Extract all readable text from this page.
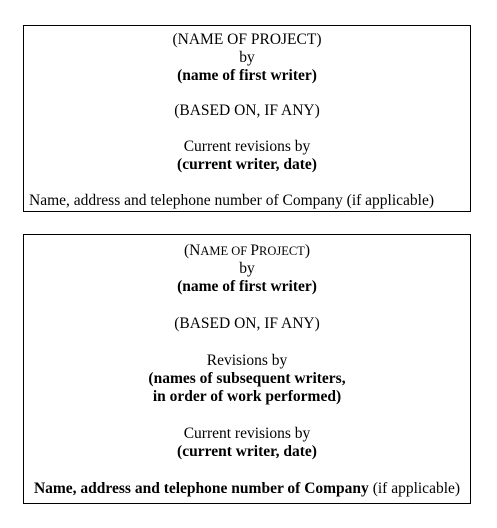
(NAME OF PROJECT)
by
(name of first writer)
(BASED ON, IF ANY)
Current revisions by
(current writer, date)
Name, address and telephone number of Company (if applicable)
(NAME OF PROJECT)
by
(name of first writer)
(BASED ON, IF ANY)
Revisions by
(names of subsequent writers,
in order of work performed)
Current revisions by
(current writer, date)
Name, address and telephone number of Company (if applicable)
